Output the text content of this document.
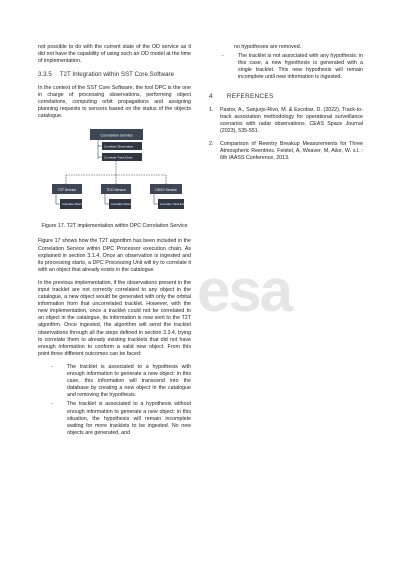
esa

not possible to do with the current state of the OD service as it did not have the capability of using such an OD model at the time of implementation.

3.3.5 T2T Integration within SST Core Software

In the context of the SST Core Software, the tool DPC is the one in charge of processing observations, performing object correlations, computing orbit propagations and assigning planning requests to sensors based on the status of the objects catalogue.

Correlation Service
Correlate Observation
Correlate Track Entry
T2T Service
Correlate Observations
TDO Service
Correlate Observations
OD/IO Service
Correlate Track Entry
Figure 17. T2T implementation within DPC Correlation Service

Figure 17 shows how the T2T algorithm has been included in the Correlation Service within DPC Processor execution chain. As explained in section 3.1.4, Once an observation is ingested and its processing starts, a DPC Processing Unit will try to correlate it with an object that already exists in the catalogue.

In the previous implementation, if the observations present in the input tracklet are not correctly correlated to any object in the catalogue, a new object would be generated with only the orbital information from that uncorrelated tracklet. However, with the new implementation, once a tracklet could not be correlated to an object in the catalogue, its information is now sent to the T2T algorithm. Once ingested, the algorithm will send the tracklet observations through all the steps defined in section 3.3.4, trying to correlate them to already existing tracklets that did not have enough information to conform a valid new object. From this point three different outcomes can be faced:

-	The tracklet is associated to a hypothesis with enough information to generate a new object: in this case, this information will transcend into the database by creating a new object in the catalogue and removing the hypothesis.
-	The tracklet is associated to a hypothesis without enough information to generate a new object: in this situation, the hypothesis will remain incomplete waiting for more tracklets to be ingested. No new objects are generated, and
no hypotheses are removed.
-	The tracklet is not associated with any hypothesis: in this case, a new hypothesis is generated with a single tracklet. This new hypothesis will remain incomplete until new information is ingested.
4 REFERENCES
1. Pastor, A., Sanjurjo-Rivo, M. & Escobar, D. (2022). Track-to-track association methodology for operational surveillance scenarios with radar observations. CEAS Space Journal (2023), 535-551.
2. Comparison of Reentry Breakup Measurements for Three Atmospheric Reentries. Feistel, A, Weaver, M, Ailor, W. s.l. : 6th IAASS Conference, 2013.
